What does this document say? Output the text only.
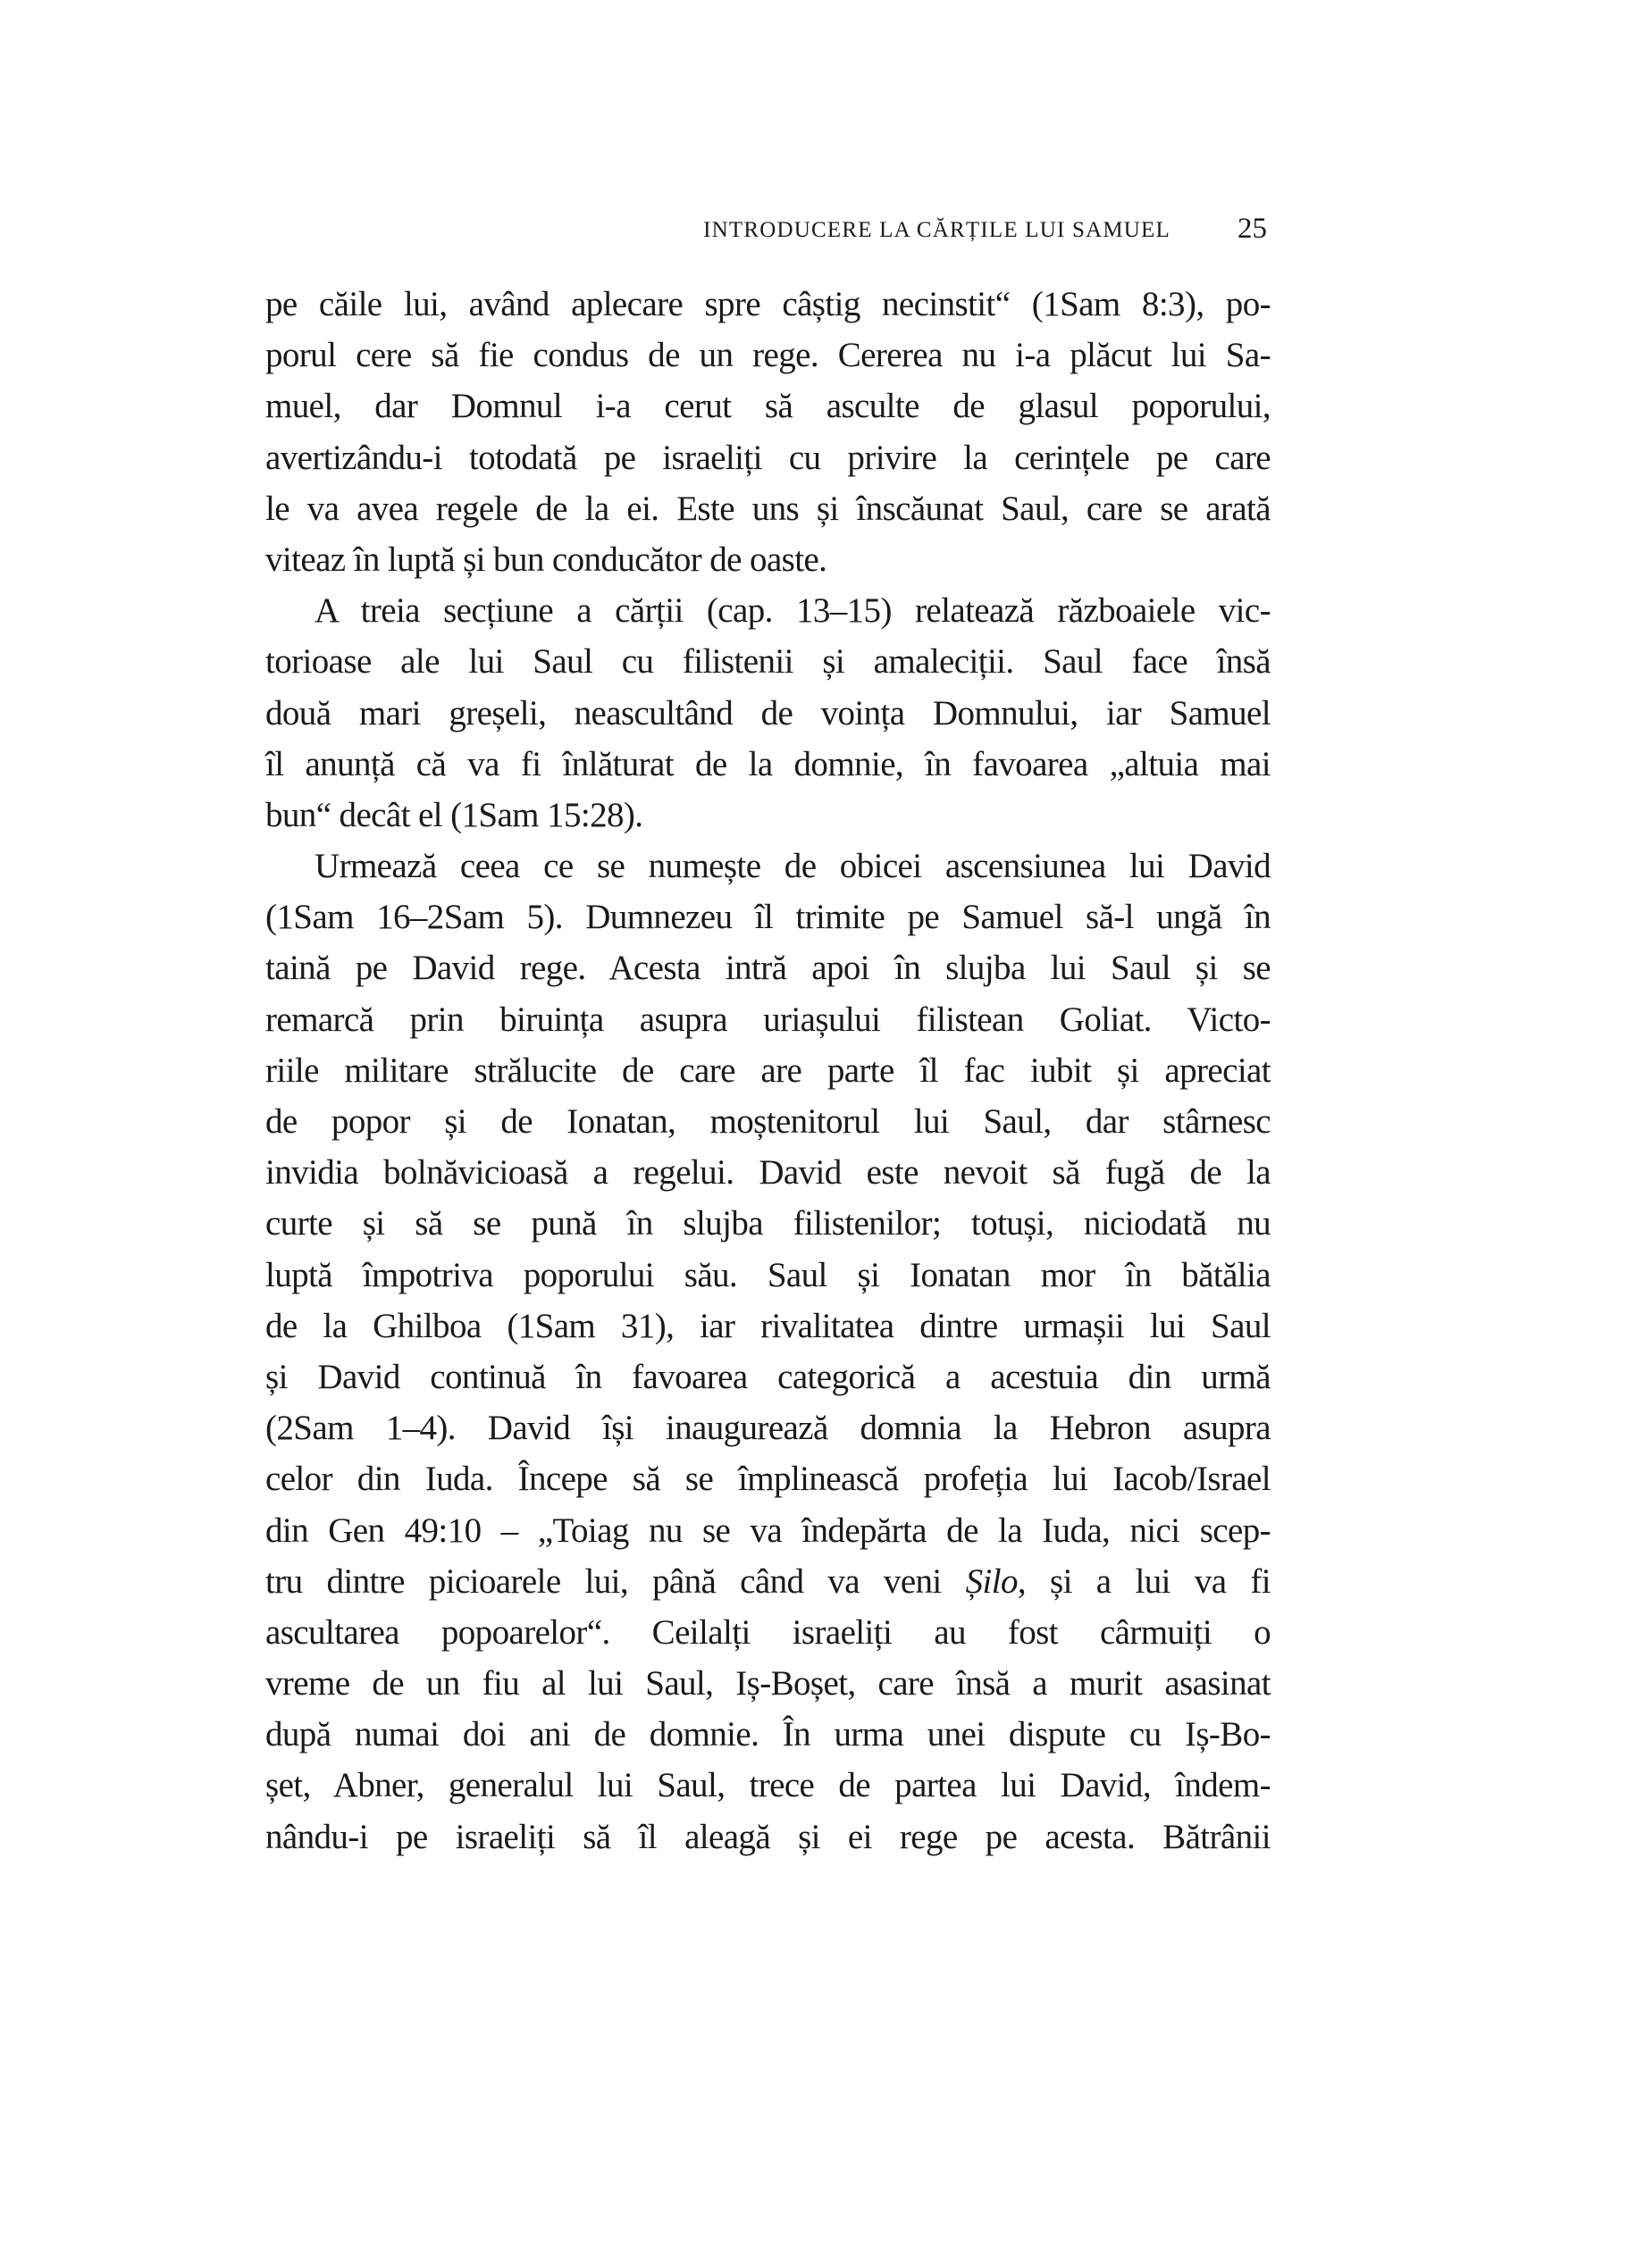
INTRODUCERE LA CĂRȚILE LUI SAMUEL 25
pe căile lui, având aplecare spre câștig necinstit“ (1Sam 8:3), po-
porul cere să fie condus de un rege. Cererea nu i-a plăcut lui Sa-
muel, dar Domnul i-a cerut să asculte de glasul poporului,
avertizându-i totodată pe israeliți cu privire la cerințele pe care
le va avea regele de la ei. Este uns și înscăunat Saul, care se arată
viteaz în luptă și bun conducător de oaste.
A treia secțiune a cărții (cap. 13–15) relatează războaiele vic-
torioase ale lui Saul cu filistenii și amaleciții. Saul face însă
două mari greșeli, neascultând de voința Domnului, iar Samuel
îl anunță că va fi înlăturat de la domnie, în favoarea „altuia mai
bun“ decât el (1Sam 15:28).
Urmează ceea ce se numește de obicei ascensiunea lui David
(1Sam 16–2Sam 5). Dumnezeu îl trimite pe Samuel să-l ungă în
taină pe David rege. Acesta intră apoi în slujba lui Saul și se
remarcă prin biruința asupra uriașului filistean Goliat. Victo-
riile militare strălucite de care are parte îl fac iubit și apreciat
de popor și de Ionatan, moștenitorul lui Saul, dar stârnesc
invidia bolnăvicioasă a regelui. David este nevoit să fugă de la
curte și să se pună în slujba filistenilor; totuși, niciodată nu
luptă împotriva poporului său. Saul și Ionatan mor în bătălia
de la Ghilboa (1Sam 31), iar rivalitatea dintre urmașii lui Saul
și David continuă în favoarea categorică a acestuia din urmă
(2Sam 1–4). David își inaugurează domnia la Hebron asupra
celor din Iuda. Începe să se împlinească profeția lui Iacob/Israel
din Gen 49:10 – „Toiag nu se va îndepărta de la Iuda, nici scep-
tru dintre picioarele lui, până când va veni Șilo, și a lui va fi
ascultarea popoarelor“. Ceilalți israeliți au fost cârmuiți o
vreme de un fiu al lui Saul, Iș-Boșet, care însă a murit asasinat
după numai doi ani de domnie. În urma unei dispute cu Iș-Bo-
șet, Abner, generalul lui Saul, trece de partea lui David, îndem-
nându-i pe israeliți să îl aleagă și ei rege pe acesta. Bătrânii
